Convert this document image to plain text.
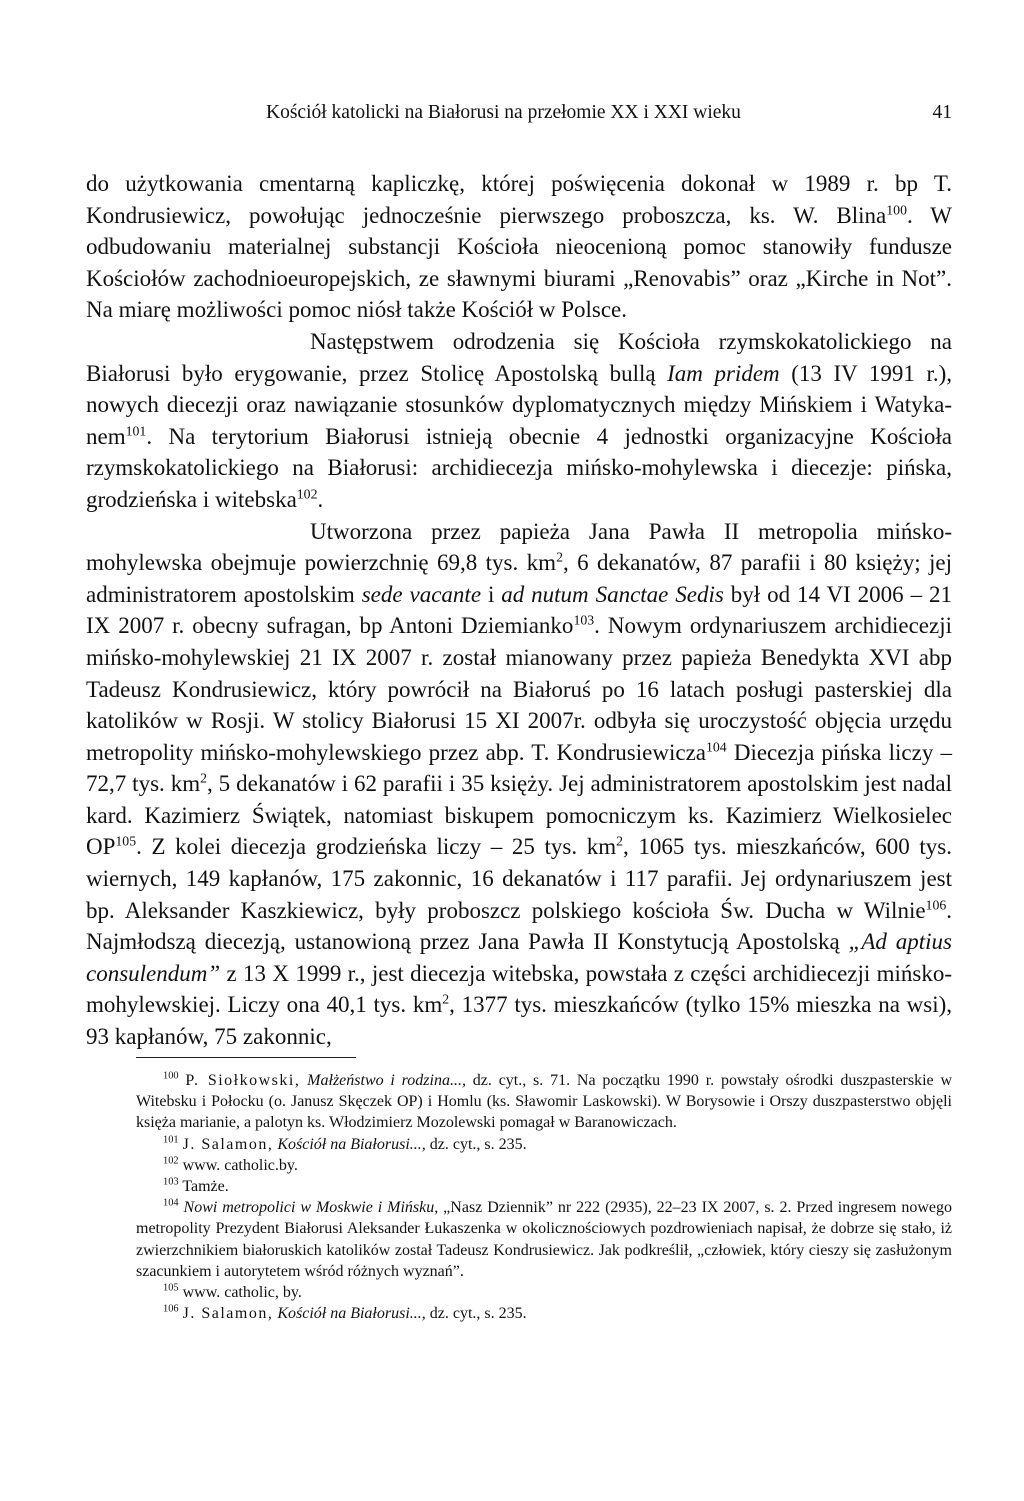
Kościół katolicki na Białorusi na przełomie XX i XXI wieku	41

do użytkowania cmentarną kapliczkę, której poświęcenia dokonał w 1989 r. bp T. Kondrusiewicz, powołując jednocześnie pierwszego proboszcza, ks. W. Blina$^{100}$. W odbudowaniu materialnej substancji Kościoła nieocenioną pomoc stanowiły fundusze Kościołów zachodnioeuropejskich, ze sławnymi biurami „Renovabis” oraz „Kirche in Not”. Na miarę możliwości pomoc niósł także Kościół w Polsce.

Następstwem odrodzenia się Kościoła rzymskokatolickiego na Białorusi było erygowanie, przez Stolicę Apostolską bullą Iam pridem (13 IV 1991 r.), nowych diecezji oraz nawiązanie stosunków dyplomatycznych między Mińskiem i Watykanem$^{101}$. Na terytorium Białorusi istnieją obecnie 4 jednostki organizacyjne Kościoła rzymskokatolickiego na Białorusi: archidiecezja mińsko-mohylewska i diecezje: pińska, grodzieńska i witebska$^{102}$.

Utworzona przez papieża Jana Pawła II metropolia mińsko-mohylewska obejmuje powierzchnię 69,8 tys. $km^2$, 6 dekanatów, 87 parafii i 80 księży; jej administratorem apostolskim sede vacante i ad nutum Sanctae Sedis był od 14 VI 2006 – 21 IX 2007 r. obecny sufragan, bp Antoni Dziemianko$^{103}$. Nowym ordynariuszem archidiecezji mińsko-mohylewskiej 21 IX 2007 r. został mianowany przez papieża Benedykta XVI abp Tadeusz Kondrusiewicz, który powrócił na Białoruś po 16 latach posługi pasterskiej dla katolików w Rosji. W stolicy Białorusi 15 XI 2007r. odbyła się uroczystość objęcia urzędu metropolity mińsko-mohylewskiego przez abp. T. Kondrusiewicza$^{104}$ Diecezja pińska liczy – 72,7 tys. $km^2$, 5 dekanatów i 62 parafii i 35 księży. Jej administratorem apostolskim jest nadal kard. Kazimierz Świątek, natomiast biskupem pomocniczym ks. Kazimierz Wielkosielec OP$^{105}$. Z kolei diecezja grodzieńska liczy – 25 tys. $km^2$, 1065 tys. mieszkańców, 600 tys. wiernych, 149 kapłanów, 175 zakonnic, 16 dekanatów i 117 parafii. Jej ordynariuszem jest bp. Aleksander Kaszkiewicz, były proboszcz polskiego kościoła Św. Ducha w Wilnie$^{106}$. Najmłodszą diecezją, ustanowioną przez Jana Pawła II Konstytucją Apostolską „Ad aptius consulendum” z 13 X 1999 r., jest diecezja witebska, powstała z części archidiecezji mińsko-mohylewskiej. Liczy ona 40,1 tys. $km^2$, 1377 tys. mieszkańców (tylko 15% mieszka na wsi), 93 kapłanów, 75 zakonnic,

$^{100}$ P. Siołkowski, Małżeństwo i rodzina..., dz. cyt., s. 71. Na początku 1990 r. powstały ośrodki duszpasterskie w Witebsku i Połocku (o. Janusz Skęczek OP) i Homlu (ks. Sławomir Laskowski). W Borysowie i Orszy duszpasterstwo objęli księża marianie, a palotyn ks. Włodzimierz Mozolewski pomagał w Baranowiczach.

$^{101}$ J. Salamon, Kościół na Białorusi..., dz. cyt., s. 235.

$^{102}$ www. catholic.by.

$^{103}$ Tamże.

$^{104}$ Nowi metropolici w Moskwie i Mińsku, „Nasz Dziennik” nr 222 (2935), 22–23 IX 2007, s. 2. Przed ingresem nowego metropolity Prezydent Białorusi Aleksander Łukaszenka w okolicznościowych pozdrowieniach napisał, że dobrze się stało, iż zwierzchnikiem białoruskich katolików został Tadeusz Kondrusiewicz. Jak podkreślił, „człowiek, który cieszy się zasłużonym szacunkiem i autorytetem wśród różnych wyznań”.

$^{105}$ www. catholic, by.

$^{106}$ J. Salamon, Kościół na Białorusi..., dz. cyt., s. 235.
